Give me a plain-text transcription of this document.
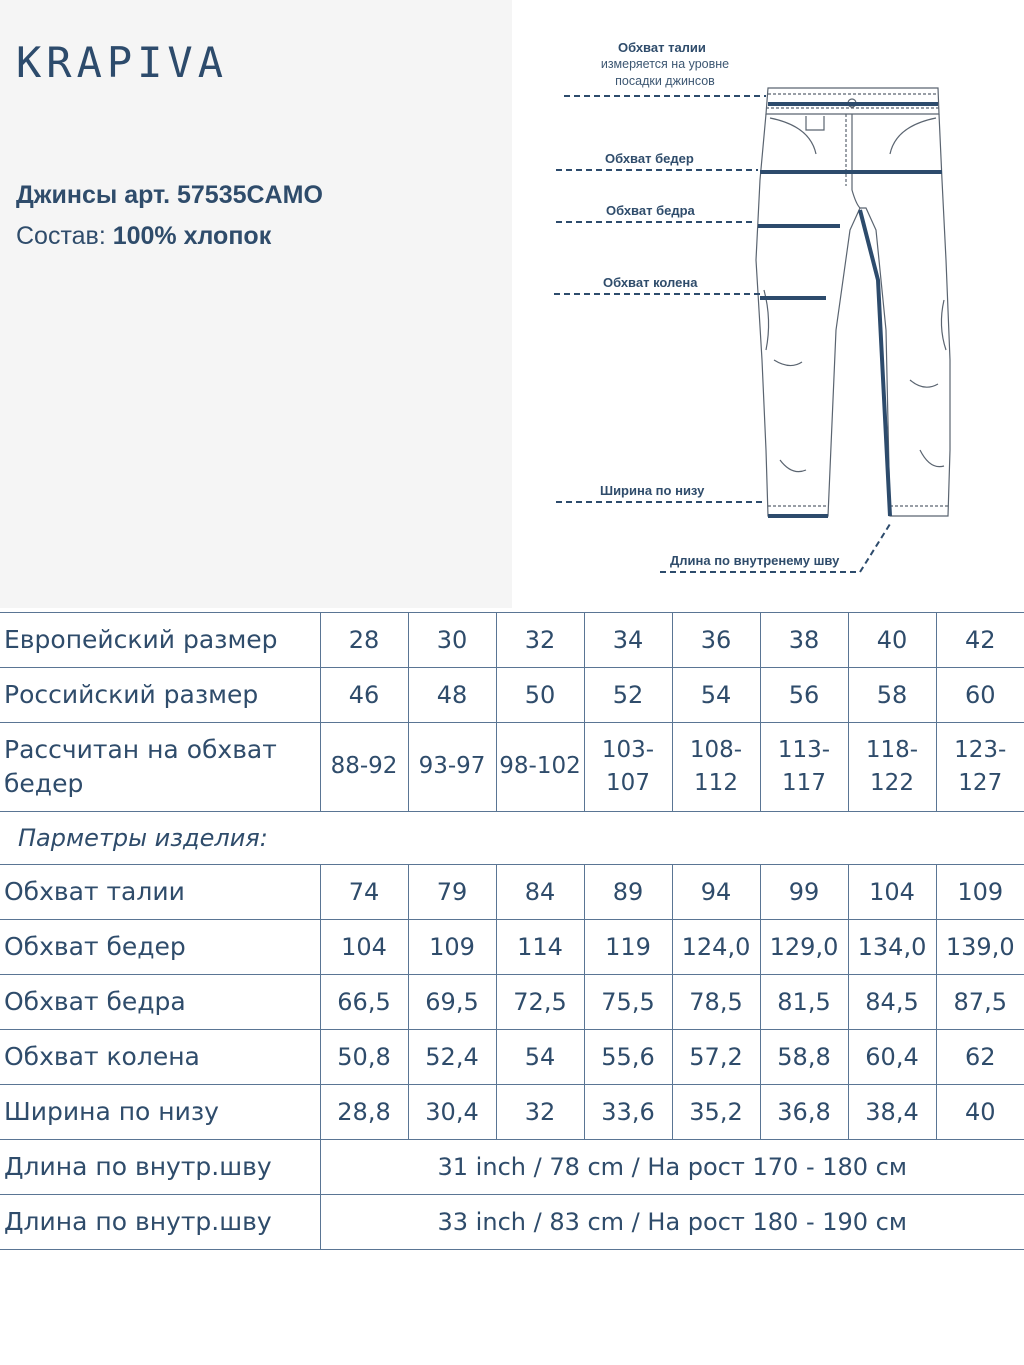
KRAPIVA
Джинсы арт. 57535CAMO
Состав: 100% хлопок
Обхват талии
измеряется на уровне
посадки джинсов
Обхват бедер
Обхват бедра
Обхват колена
Ширина по низу
Длина по внутренему шву
Европейский размер	28	30	32	34	36	38	40	42
Российский размер	46	48	50	52	54	56	58	60
Рассчитан на обхват бедер	88-92	93-97	98-102	103-107	108-112	113-117	118-122	123-127
Парметры изделия:								
Обхват талии	74	79	84	89	94	99	104	109
Обхват бедер	104	109	114	119	124,0	129,0	134,0	139,0
Обхват бедра	66,5	69,5	72,5	75,5	78,5	81,5	84,5	87,5
Обхват колена	50,8	52,4	54	55,6	57,2	58,8	60,4	62
Ширина по низу	28,8	30,4	32	33,6	35,2	36,8	38,4	40
Длина по внутр.шву	31 inch / 78 cm / На рост 170 - 180 см							
Длина по внутр.шву	33 inch / 83 cm / На рост 180 - 190 см							
